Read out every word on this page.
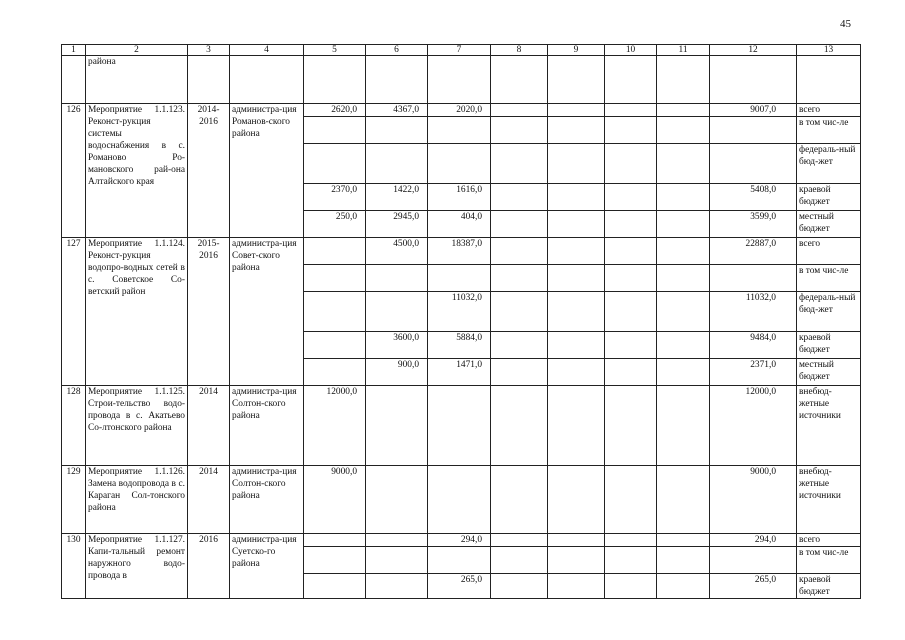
45
1	2	3	4	5	6	7	8	9	10	11	12	13
	района											
126	Мероприятие 1.1.123. Реконст-рукция системы водоснабжения в с. Романово Ро-мановского рай-она Алтайского края	2014-2016	администра-ция Романов-ского района	2620,0	4367,0	2020,0					9007,0	всего
												в том чис-ле
												федераль-ный бюд-жет
				2370,0	1422,0	1616,0					5408,0	краевой бюджет
				250,0	2945,0	404,0					3599,0	местный бюджет
127	Мероприятие 1.1.124. Реконст-рукция водопро-водных сетей в с. Советское Со-ветский район	2015-2016	администра-ция Совет-ского района		4500,0	18387,0					22887,0	всего
												в том чис-ле
						11032,0					11032,0	федераль-ный бюд-жет
					3600,0	5884,0					9484,0	краевой бюджет
					900,0	1471,0					2371,0	местный бюджет
128	Мероприятие 1.1.125. Строи-тельство водо-провода в с. Акатьево Со-лтонского района	2014	администра-ция Солтон-ского района	12000,0							12000,0	внебюд-жетные источники
129	Мероприятие 1.1.126. Замена водопровода в с. Караган Сол-тонского района	2014	администра-ция Солтон-ского района	9000,0							9000,0	внебюд-жетные источники
130	Мероприятие 1.1.127. Капи-тальный ремонт наружного водо-провода в	2016	администра-ция Суетско-го района			294,0					294,0	всего
												в том чис-ле
						265,0					265,0	краевой бюджет
